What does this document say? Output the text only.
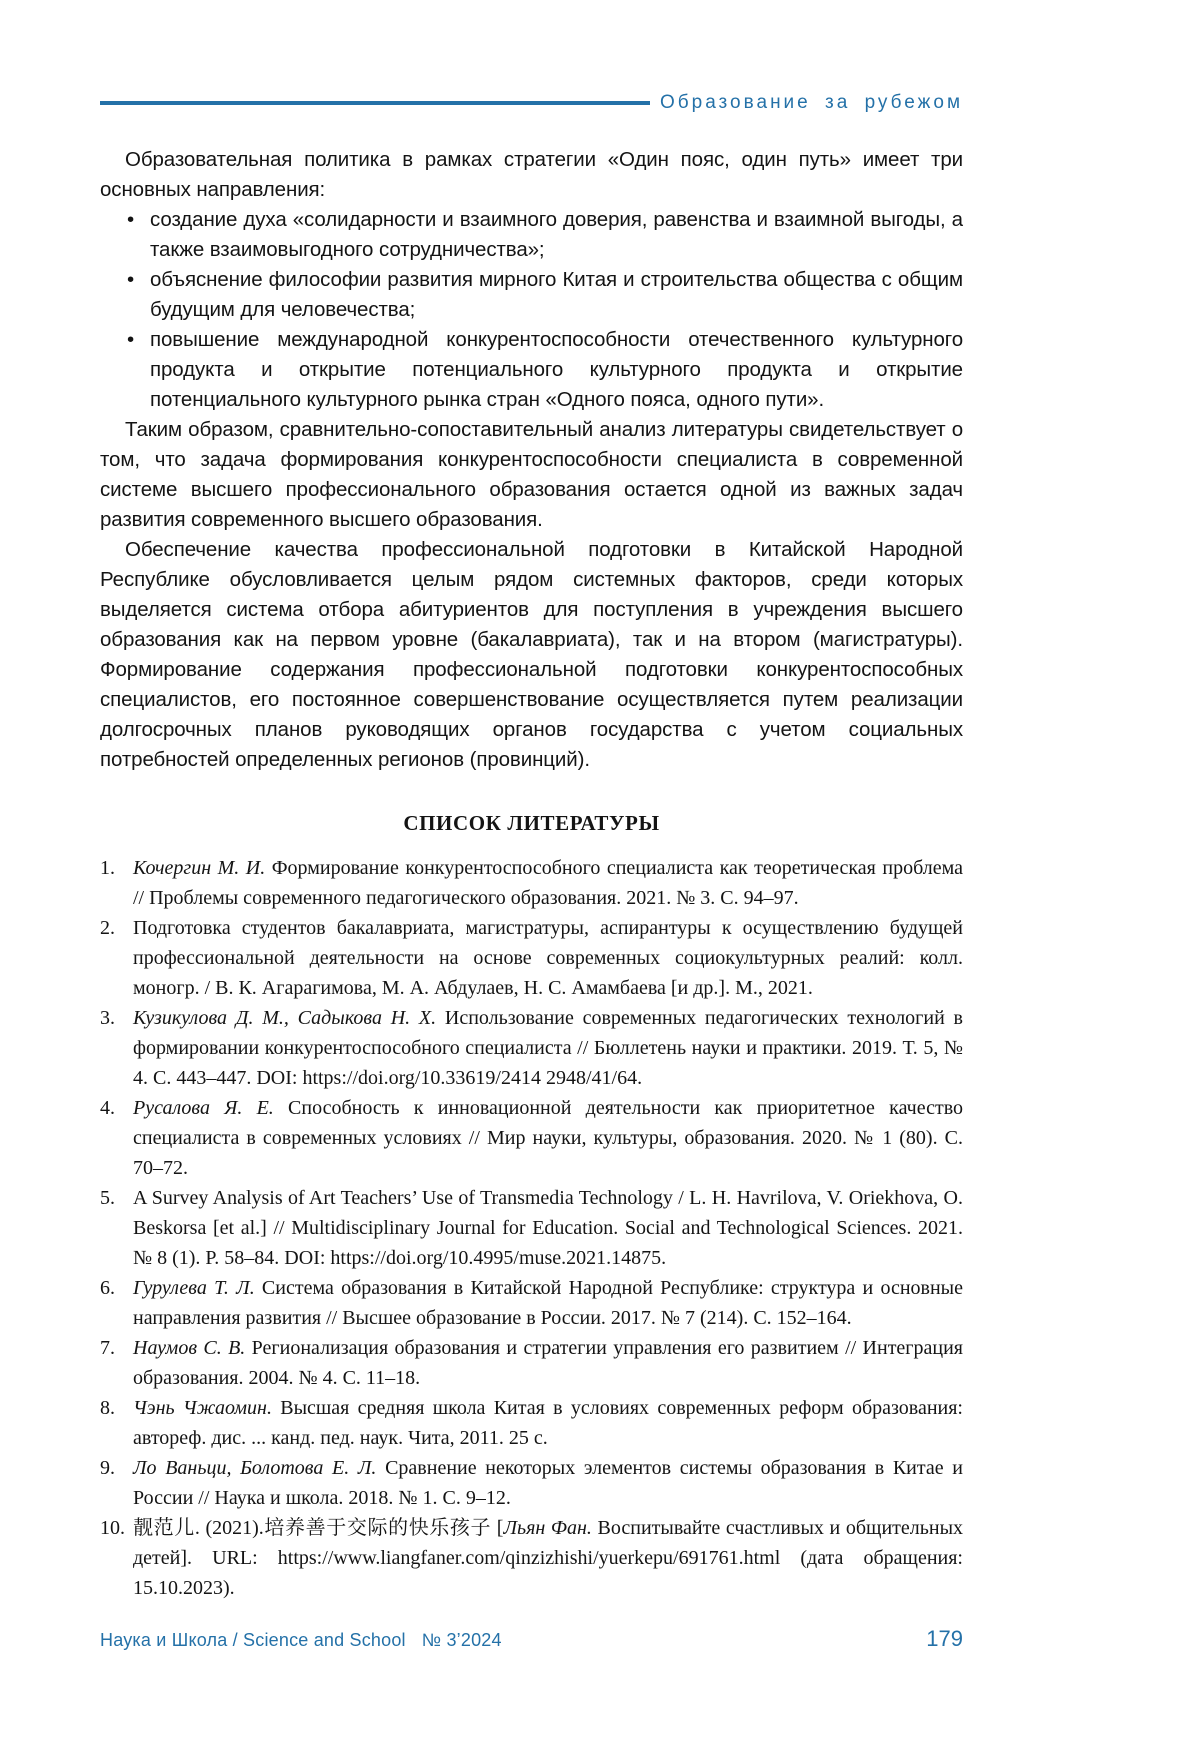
Образование за рубежом

Образовательная политика в рамках стратегии «Один пояс, один путь» имеет три основных направления:

• создание духа «солидарности и взаимного доверия, равенства и взаимной выгоды, а также взаимовыгодного сотрудничества»;
• объяснение философии развития мирного Китая и строительства общества с общим будущим для человечества;
• повышение международной конкурентоспособности отечественного культурного продукта и открытие потенциального культурного продукта и открытие потенциального культурного рынка стран «Одного пояса, одного пути».

Таким образом, сравнительно-сопоставительный анализ литературы свидетельствует о том, что задача формирования конкурентоспособности специалиста в современной системе высшего профессионального образования остается одной из важных задач развития современного высшего образования.

Обеспечение качества профессиональной подготовки в Китайской Народной Республике обусловливается целым рядом системных факторов, среди которых выделяется система отбора абитуриентов для поступления в учреждения высшего образования как на первом уровне (бакалавриата), так и на втором (магистратуры). Формирование содержания профессиональной подготовки конкурентоспособных специалистов, его постоянное совершенствование осуществляется путем реализации долгосрочных планов руководящих органов государства с учетом социальных потребностей определенных регионов (провинций).

СПИСОК ЛИТЕРАТУРЫ
Кочергин М. И. Формирование конкурентоспособного специалиста как теоретическая проблема // Проблемы современного педагогического образования. 2021. № 3. С. 94–97.
Подготовка студентов бакалавриата, магистратуры, аспирантуры к осуществлению будущей профессиональной деятельности на основе современных социокультурных реалий: колл. моногр. / В. К. Агарагимова, М. А. Абдулаев, Н. С. Амамбаева [и др.]. М., 2021.
Кузикулова Д. М., Садыкова Н. Х. Использование современных педагогических технологий в формировании конкурентоспособного специалиста // Бюллетень науки и практики. 2019. Т. 5, № 4. С. 443–447. DOI: https://doi.org/10.33619/2414 2948/41/64.
Русалова Я. Е. Способность к инновационной деятельности как приоритетное качество специалиста в современных условиях // Мир науки, культуры, образования. 2020. № 1 (80). С. 70–72.
A Survey Analysis of Art Teachers’ Use of Transmedia Technology / L. H. Havrilova, V. Oriekhova, O. Beskorsa [et al.] // Multidisciplinary Journal for Education. Social and Technological Sciences. 2021. № 8 (1). P. 58–84. DOI: https://doi.org/10.4995/muse.2021.14875.
Гурулева Т. Л. Система образования в Китайской Народной Республике: структура и основные направления развития // Высшее образование в России. 2017. № 7 (214). С. 152–164.
Наумов С. В. Регионализация образования и стратегии управления его развитием // Интеграция образования. 2004. № 4. С. 11–18.
Чэнь Чжаомин. Высшая средняя школа Китая в условиях современных реформ образования: автореф. дис. ... канд. пед. наук. Чита, 2011. 25 с.
Ло Ваньци, Болотова Е. Л. Сравнение некоторых элементов системы образования в Китае и России // Наука и школа. 2018. № 1. С. 9–12.
靓范儿. (2021).培养善于交际的快乐孩子 [Льян Фан. Воспитывайте счастливых и общительных детей]. URL: https://www.liangfaner.com/qinzizhishi/yuerkepu/691761.html (дата обращения: 15.10.2023).
Наука и Школа / Science and School № 3’2024	179
